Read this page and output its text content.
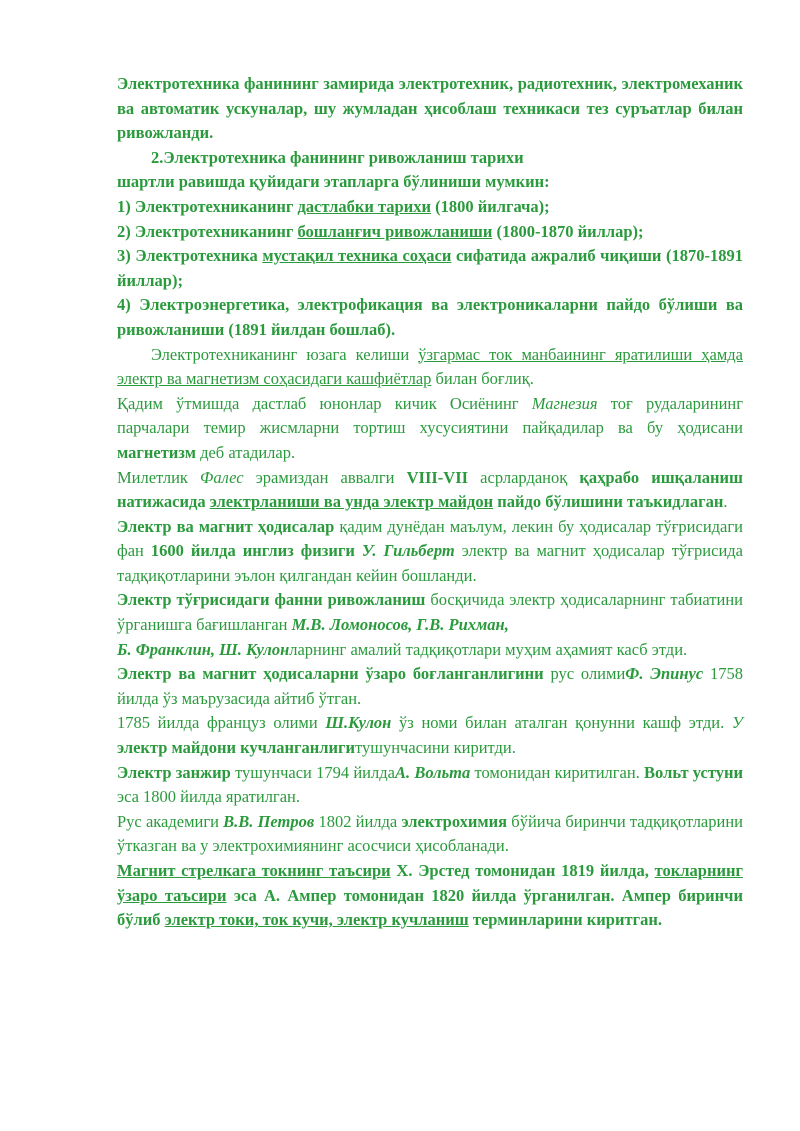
Электротехника фанининг замирида электротехник, радиотехник, электромеханик ва автоматик ускуналар, шу жумладан ҳисоблаш техникаси тез суръатлар билан ривожланди.

2.Электротехника фанининг ривожланиш тарихи

шартли равишда қуйидаги этапларга бўлиниши мумкин:

1) Электротехниканинг дастлабки тарихи (1800 йилгача);

2) Электротехниканинг бошланғич ривожланиши (1800-1870 йиллар);

3) Электротехника мустақил техника соҳаси сифатида ажралиб чиқиши (1870-1891 йиллар);

4) Электроэнергетика, электрофикация ва электроникаларни пайдо бўлиши ва ривожланиши (1891 йилдан бошлаб).

Электротехниканинг юзага келиши ўзгармас ток манбаининг яратилиши ҳамда электр ва магнетизм соҳасидаги кашфиётлар билан боғлиқ.

Қадим ўтмишда дастлаб юнонлар кичик Осиёнинг Магнезия тоғ рудаларининг парчалари темир жисмларни тортиш хусусиятини пайқадилар ва бу ҳодисани магнетизм деб атадилар.

Милетлик Фалес эрамиздан аввалги VIII-VII асрларданоқ қаҳрабо ишқаланиш натижасида электрланиши ва унда электр майдон пайдо бўлишини таъкидлаган.

Электр ва магнит ҳодисалар қадим дунёдан маълум, лекин бу ҳодисалар тўғрисидаги фан 1600 йилда инглиз физиги У. Гильберт электр ва магнит ҳодисалар тўғрисида тадқиқотларини эълон қилгандан кейин бошланди.

Электр тўғрисидаги фанни ривожланиш босқичида электр ҳодисаларнинг табиатини ўрганишга бағишланган М.В. Ломоносов, Г.В. Рихман,

Б. Франклин, Ш. Кулонларнинг амалий тадқиқотлари муҳим аҳамият касб этди.

Электр ва магнит ҳодисаларни ўзаро боғланганлигини рус олимиФ. Эпинус 1758 йилда ўз маърузасида айтиб ўтган.

1785 йилда француз олими Ш.Кулон ўз номи билан аталган қонунни кашф этди. У электр майдони кучланганлигитушунчасини киритди.

Электр занжир тушунчаси 1794 йилдаА. Вольта томонидан киритилган. Вольт устуни эса 1800 йилда яратилган.

Рус академиги В.В. Петров 1802 йилда электрохимия бўйича биринчи тадқиқотларини ўтказган ва у электрохимиянинг асосчиси ҳисобланади.

Магнит стрелкага токнинг таъсири Х. Эрстед томонидан 1819 йилда, токларнинг ўзаро таъсири эса А. Ампер томонидан 1820 йилда ўрганилган. Ампер биринчи бўлиб электр токи, ток кучи, электр кучланиш терминларини киритган.
